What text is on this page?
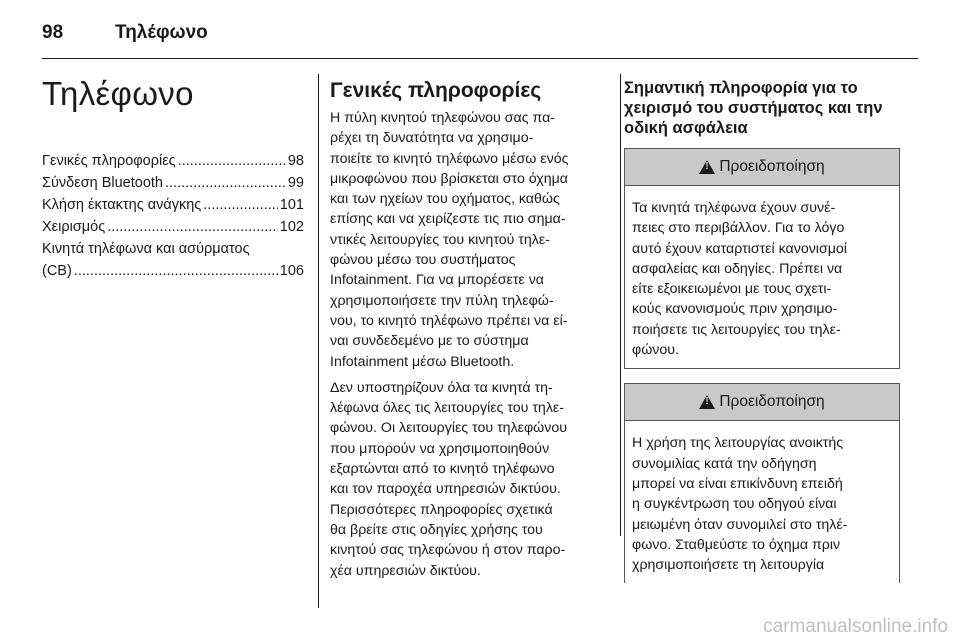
98	Τηλέφωνο
Τηλέφωνο
Γενικές πληροφορίες .....	98
Σύνδεση Bluetooth .....	99
Κλήση έκτακτης ανάγκης .....	101
Χειρισμός .....	102
Κινητά τηλέφωνα και ασύρματος
(CB) .....	106
Γενικές πληροφορίες
Η πύλη κινητού τηλεφώνου σας πα-
ρέχει τη δυνατότητα να χρησιμο-
ποιείτε το κινητό τηλέφωνο μέσω ενός
μικροφώνου που βρίσκεται στο όχημα
και των ηχείων του οχήματος, καθώς
επίσης και να χειρίζεστε τις πιο σημα-
ντικές λειτουργίες του κινητού τηλε-
φώνου μέσω του συστήματος
Infotainment. Για να μπορέσετε να
χρησιμοποιήσετε την πύλη τηλεφώ-
νου, το κινητό τηλέφωνο πρέπει να εί-
ναι συνδεδεμένο με το σύστημα
Infotainment μέσω Bluetooth.
Δεν υποστηρίζουν όλα τα κινητά τη-
λέφωνα όλες τις λειτουργίες του τηλε-
φώνου. Οι λειτουργίες του τηλεφώνου
που μπορούν να χρησιμοποιηθούν
εξαρτώνται από το κινητό τηλέφωνο
και τον παροχέα υπηρεσιών δικτύου.
Περισσότερες πληροφορίες σχετικά
θα βρείτε στις οδηγίες χρήσης του
κινητού σας τηλεφώνου ή στον παρο-
χέα υπηρεσιών δικτύου.
Σημαντική πληροφορία για το
χειρισμό του συστήματος και την
οδική ασφάλεια
!
Προειδοποίηση
Τα κινητά τηλέφωνα έχουν συνέ-
πειες στο περιβάλλον. Για το λόγο
αυτό έχουν καταρτιστεί κανονισμοί
ασφαλείας και οδηγίες. Πρέπει να
είτε εξοικειωμένοι με τους σχετι-
κούς κανονισμούς πριν χρησιμο-
ποιήσετε τις λειτουργίες του τηλε-
φώνου.
!
Προειδοποίηση
Η χρήση της λειτουργίας ανοικτής
συνομιλίας κατά την οδήγηση
μπορεί να είναι επικίνδυνη επειδή
η συγκέντρωση του οδηγού είναι
μειωμένη όταν συνομιλεί στο τηλέ-
φωνο. Σταθμεύστε το όχημα πριν
χρησιμοποιήσετε τη λειτουργία
carmanualsonline.info
